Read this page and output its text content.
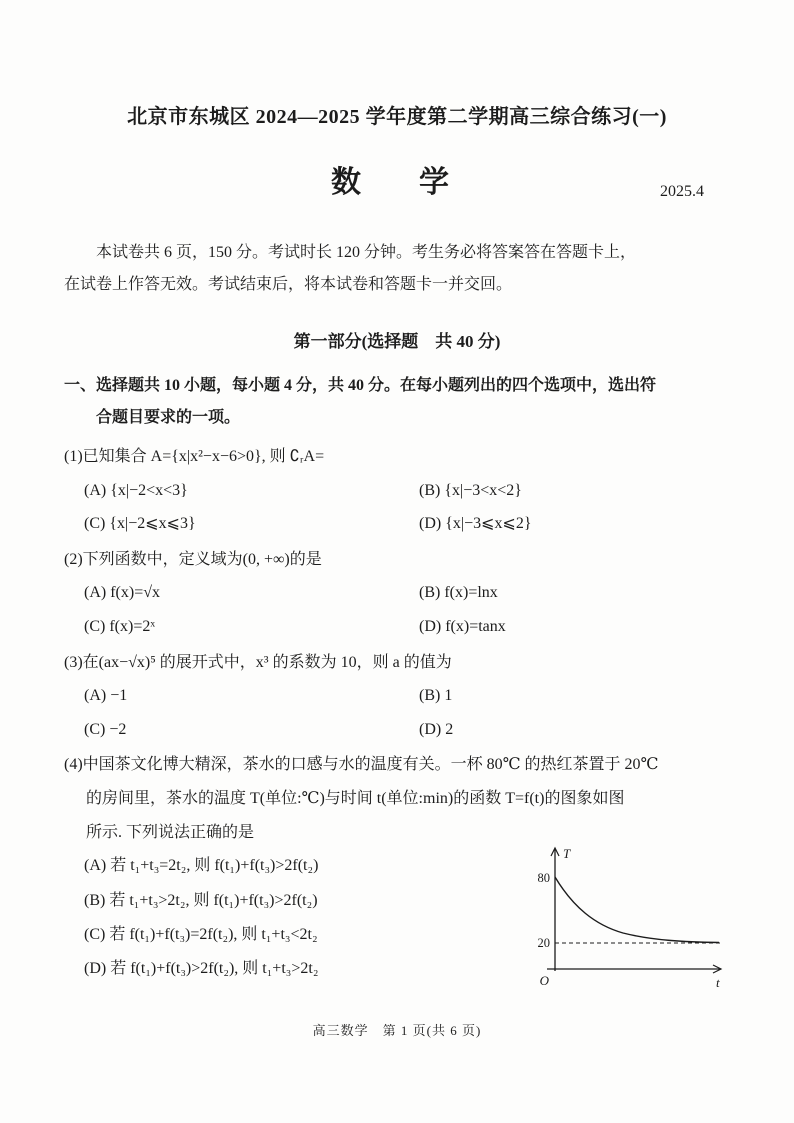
北京市东城区 2024—2025 学年度第二学期高三综合练习(一)
数　学	2025.4
本试卷共 6 页，150 分。考试时长 120 分钟。考生务必将答案答在答题卡上，
在试卷上作答无效。考试结束后，将本试卷和答题卡一并交回。
第一部分(选择题　共 40 分)
一、选择题共 10 小题，每小题 4 分，共 40 分。在每小题列出的四个选项中，选出符
合题目要求的一项。
(1)已知集合 A={x|x²−x−6>0}, 则 ∁ᵣA=
(A) {x|−2<x<3}	(B) {x|−3<x<2}
(C) {x|−2⩽x⩽3}	(D) {x|−3⩽x⩽2}
(2)下列函数中，定义域为(0, +∞)的是
(A) f(x)=√x	(B) f(x)=lnx
(C) f(x)=2ˣ	(D) f(x)=tanx
(3)在(ax−√x)⁵ 的展开式中，x³ 的系数为 10，则 a 的值为
(A) −1	(B) 1
(C) −2	(D) 2
(4)中国茶文化博大精深，茶水的口感与水的温度有关。一杯 80℃ 的热红茶置于 20℃
的房间里，茶水的温度 T(单位:℃)与时间 t(单位:min)的函数 T=f(t)的图象如图
所示. 下列说法正确的是
(A) 若 t₁+t₃=2t₂, 则 f(t₁)+f(t₃)>2f(t₂)
(B) 若 t₁+t₃>2t₂, 则 f(t₁)+f(t₃)>2f(t₂)
(C) 若 f(t₁)+f(t₃)=2f(t₂), 则 t₁+t₃<2t₂
(D) 若 f(t₁)+f(t₃)>2f(t₂), 则 t₁+t₃>2t₂
T
80
20
O	t
高三数学　第 1 页(共 6 页)
